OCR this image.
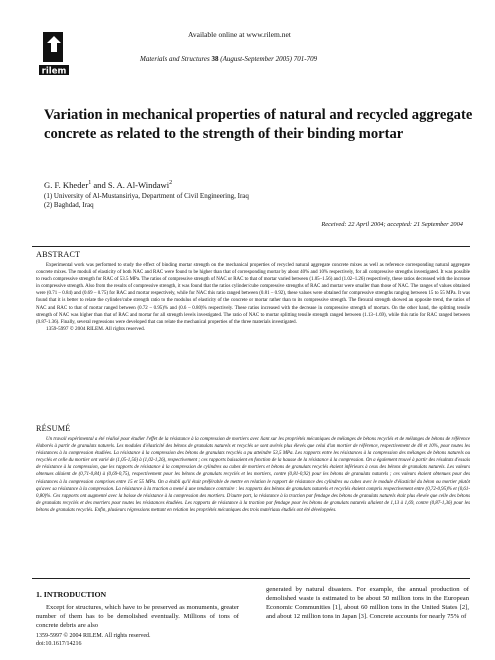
rilem
Available online at www.rilem.net
Materials and Structures 38 (August-September 2005) 701-709
Variation in mechanical properties of natural and recycled aggregate concrete as related to the strength of their binding mortar
G. F. Kheder$^1$ and S. A. Al-Windawi$^2$
(1) University of Al-Mustansiriya, Department of Civil Engineering, Iraq
(2) Baghdad, Iraq
Received: 22 April 2004; accepted: 21 September 2004
ABSTRACT

Experimental work was performed to study the effect of binding mortar strength on the mechanical properties of recycled natural aggregate concrete mixes as well as reference corresponding natural aggregate concrete mixes. The moduli of elasticity of both NAC and RAC were found to be higher than that of corresponding mortar by about 40% and 10% respectively, for all compressive strengths investigated. It was possible to reach compressive strength for RAC of 53.5 MPa. The ratios of compressive strength of NAC or RAC to that of mortar varied between (1.05–1.56) and (1.02–1.26) respectively, these ratios decreased with the increase in compressive strength. Also from the results of compressive strength, it was found that the ratios cylinder/cube compressive strengths of RAC and mortar were smaller than those of NAC. The ranges of values obtained were (0.71 – 0.84) and (0.69 – 0.75) for RAC and mortar respectively, while for NAC this ratio ranged between (0.81 – 0.92), these values were obtained for compressive strengths ranging between 15 to 55 MPa. It was found that it is better to relate the cylinder/cube strength ratio to the modulus of elasticity of the concrete or mortar rather than to its compressive strength. The flexural strength showed an opposite trend, the ratios of NAC and RAC to that of mortar ranged between (0.72 – 0.95)% and (0.6 – 0.80)% respectively. These ratios increased with the decrease in compressive strength of mortars. On the other hand, the splitting tensile strength of NAC was higher than that of RAC and mortar for all strength levels investigated. The ratio of NAC to mortar splitting tensile strength ranged between (1.13–1.69), while this ratio for RAC ranged between (0.87-1.36). Finally, several regressions were developed that can relate the mechanical properties of the three materials investigated.

1359-5997 © 2004 RILEM. All rights reserved.

RÉSUMÉ

Un travail expérimental a été réalisé pour étudier l'effet de la résistance à la compression de mortiers avec liant sur les propriétés mécaniques de mélanges de bétons recyclés et de mélanges de bétons de référence élaborés à partir de granulats naturels. Les modules d'élasticité des bétons de granulats naturels et recyclés se sont avérés plus élevés que celui d'un mortier de référence, respectivement de 40 et 10%, pour toutes les résistances à la compression étudiées. La résistance à la compression des bétons de granulats recyclés a pu atteindre 53,5 MPa. Les rapports entre les résistances à la compression des mélanges de bétons naturels ou recyclés et celle du mortier ont varié de (1,05-1,56) à (1,02-1,26), respectivement ; ces rapports baissaient en fonction de la hausse de la résistance à la compression. On a également trouvé à partir des résultats d'essais de résistance à la compression, que les rapports de résistance à la compression de cylindres ou cubes de mortiers et bétons de granulats recyclés étaient inférieurs à ceux des bétons de granulats naturels. Les valeurs obtenues allaient de (0,71-0,84) à (0,69-0,75), respectivement pour les bétons de granulats recyclés et les mortiers, contre (0,81-0,92) pour les bétons de granulats naturels ; ces valeurs étaient obtenues pour des résistances à la compression comprises entre 15 et 55 MPa. On a établi qu'il était préférable de mettre en relation le rapport de résistance des cylindres ou cubes avec le module d'élasticité du béton ou mortier plutôt qu'avec sa résistance à la compression. La résistance à la traction a mené à une tendance contraire : les rapports des bétons de granulats naturels et recyclés étaient compris respectivement entre (0,72-0,95)% et (0,61-0,80)%. Ces rapports ont augmenté avec la baisse de résistance à la compression des mortiers. D'autre part, la résistance à la traction par fendage des bétons de granulats naturels était plus élevée que celle des bétons de granulats recyclés et des mortiers pour toutes les résistances étudiées. Les rapports de résistance à la traction par fendage pour les bétons de granulats naturels allaient de 1,13 à 1,69, contre (0,87-1,36) pour les bétons de granulats recyclés. Enfin, plusieurs régressions mettant en relation les propriétés mécaniques des trois matériaux étudiés ont été développées.

1. INTRODUCTION

Except for structures, which have to be preserved as monuments, greater number of them has to be demolished eventually. Millions of tons of concrete debris are also

generated by natural disasters. For example, the annual production of demolished waste is estimated to be about 50 million tons in the European Economic Communities [1], about 60 million tons in the United States [2], and about 12 million tons in Japan [3]. Concrete accounts for nearly 75% of

1359-5997 © 2004 RILEM. All rights reserved.
doi:10.1617/14216
